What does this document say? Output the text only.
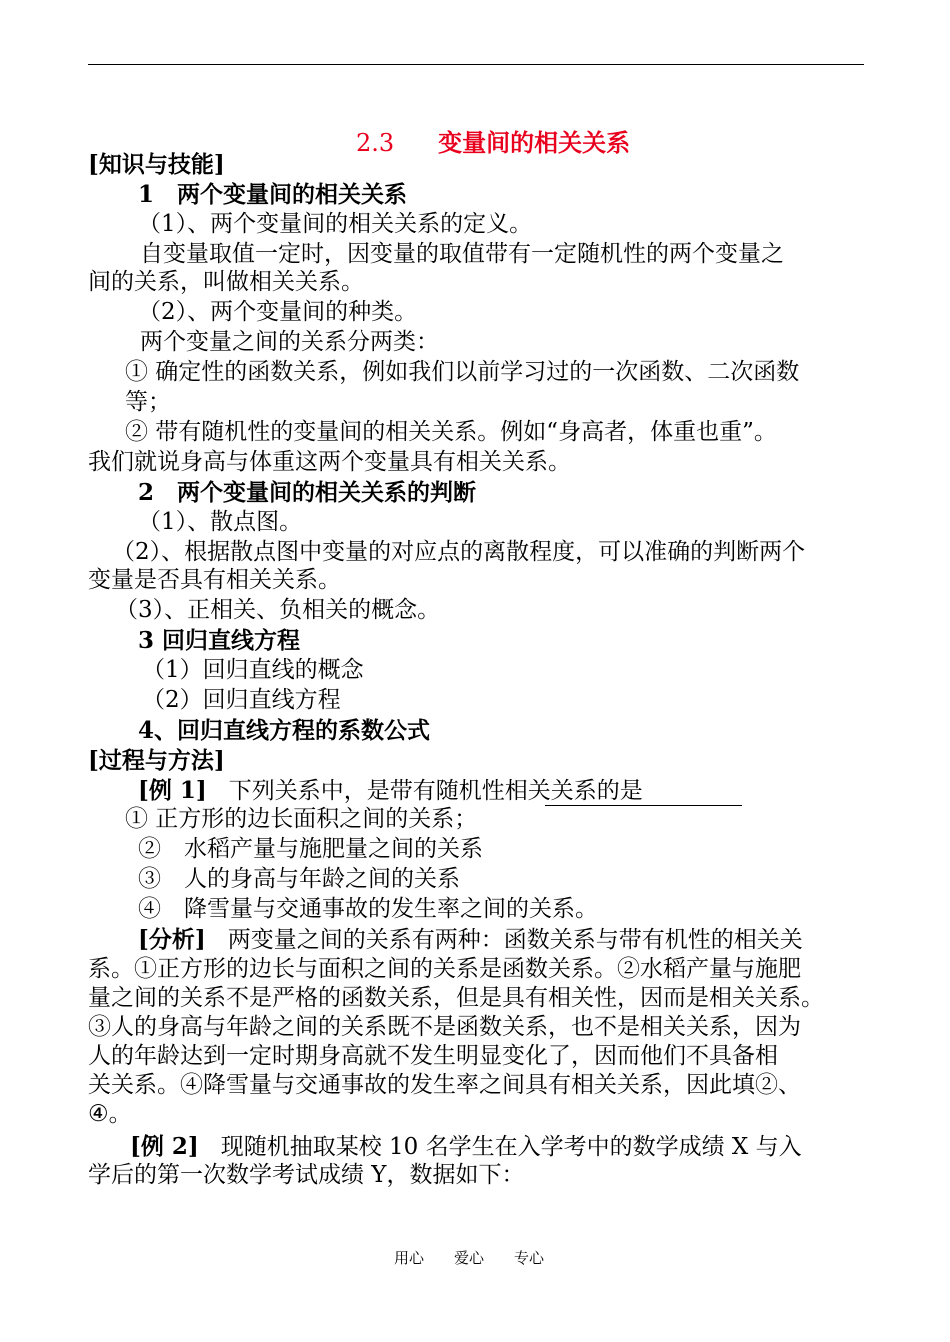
2.3 变量间的相关关系
[知识与技能]
1　两个变量间的相关关系
（1）、两个变量间的相关关系的定义。
自变量取值一定时，因变量的取值带有一定随机性的两个变量之
间的关系，叫做相关关系。
（2）、两个变量间的种类。
两个变量之间的关系分两类：
① 确定性的函数关系，例如我们以前学习过的一次函数、二次函数
等；
② 带有随机性的变量间的相关关系。例如“身高者，体重也重”。
我们就说身高与体重这两个变量具有相关关系。
2　两个变量间的相关关系的判断
（1）、散点图。
（2）、根据散点图中变量的对应点的离散程度，可以准确的判断两个
变量是否具有相关关系。
（3）、正相关、负相关的概念。
3 回归直线方程
（1）回归直线的概念
（2）回归直线方程
4、回归直线方程的系数公式
[过程与方法]
[例 1] 下列关系中，是带有随机性相关关系的是
① 正方形的边长面积之间的关系；
②　水稻产量与施肥量之间的关系
③　人的身高与年龄之间的关系
④　降雪量与交通事故的发生率之间的关系。
[分析] 两变量之间的关系有两种：函数关系与带有机性的相关关
系。①正方形的边长与面积之间的关系是函数关系。②水稻产量与施肥
量之间的关系不是严格的函数关系，但是具有相关性，因而是相关关系。
③人的身高与年龄之间的关系既不是函数关系，也不是相关关系，因为
人的年龄达到一定时期身高就不发生明显变化了，因而他们不具备相
关关系。④降雪量与交通事故的发生率之间具有相关关系，因此填②、
④。
[例 2] 现随机抽取某校 10 名学生在入学考中的数学成绩 X 与入
学后的第一次数学考试成绩 Y，数据如下：
用心 爱心 专心
